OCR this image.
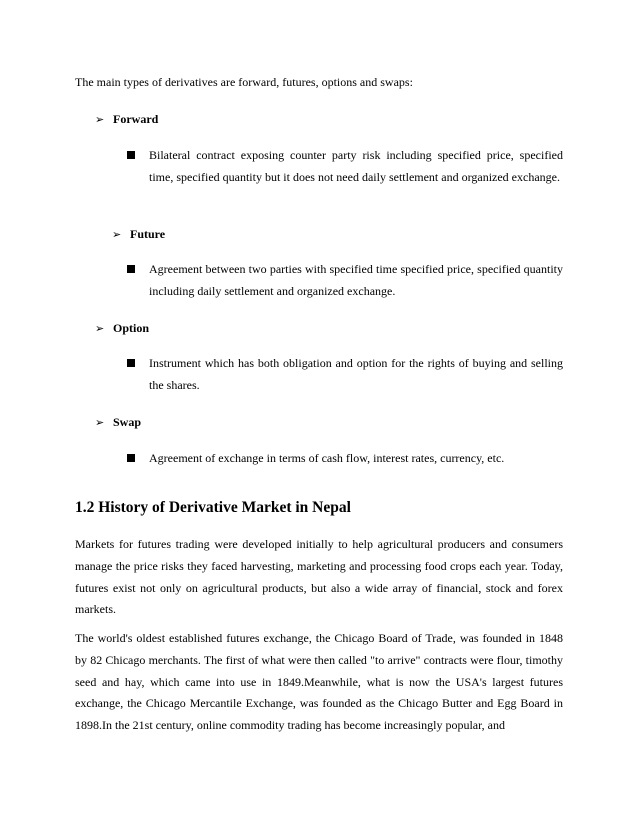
The main types of derivatives are forward, futures, options and swaps:
➢ Forward
Bilateral contract exposing counter party risk including specified price, specified time, specified quantity but it does not need daily settlement and organized exchange.
➢ Future
Agreement between two parties with specified time specified price, specified quantity including daily settlement and organized exchange.
➢ Option
Instrument which has both obligation and option for the rights of buying and selling the shares.
➢ Swap
Agreement of exchange in terms of cash flow, interest rates, currency, etc.
1.2 History of Derivative Market in Nepal
Markets for futures trading were developed initially to help agricultural producers and consumers manage the price risks they faced harvesting, marketing and processing food crops each year. Today, futures exist not only on agricultural products, but also a wide array of financial, stock and forex markets.
The world's oldest established futures exchange, the Chicago Board of Trade, was founded in 1848 by 82 Chicago merchants. The first of what were then called "to arrive" contracts were flour, timothy seed and hay, which came into use in 1849.Meanwhile, what is now the USA's largest futures exchange, the Chicago Mercantile Exchange, was founded as the Chicago Butter and Egg Board in 1898.In the 21st century, online commodity trading has become increasingly popular, and
